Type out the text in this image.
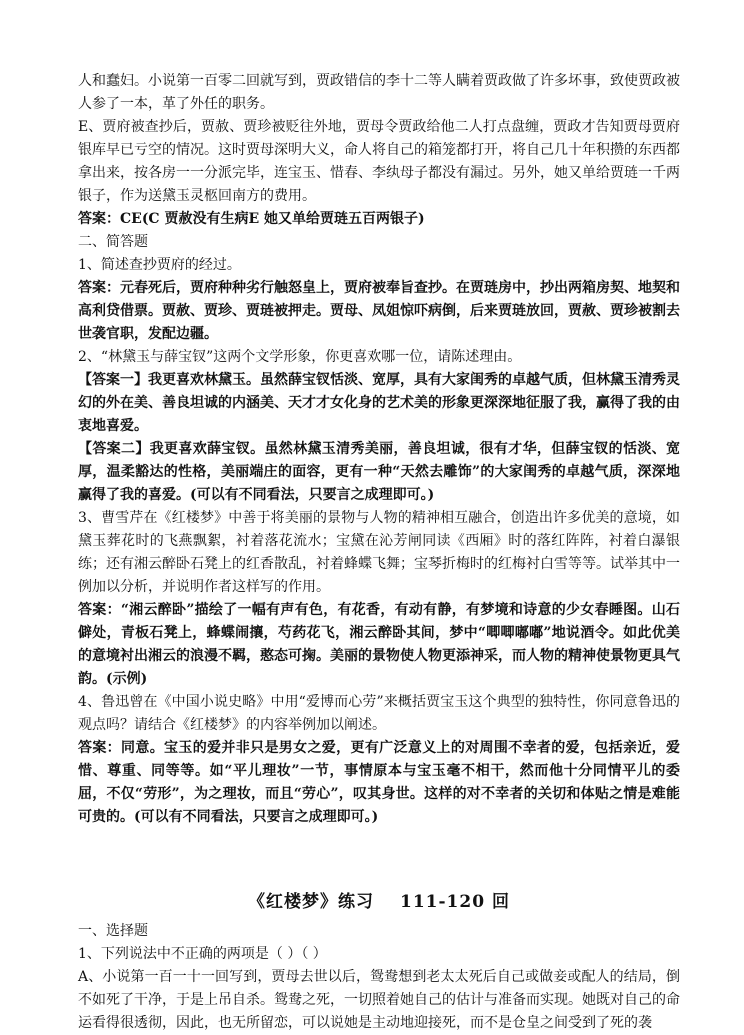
人和蠢妇。小说第一百零二回就写到，贾政错信的李十二等人瞒着贾政做了许多坏事，致使贾政被人参了一本，革了外任的职务。

E、贾府被查抄后，贾赦、贾珍被贬往外地，贾母令贾政给他二人打点盘缠，贾政才告知贾母贾府银库早已亏空的情况。这时贾母深明大义，命人将自己的箱笼都打开，将自己几十年积攒的东西都拿出来，按各房一一分派完毕，连宝玉、惜春、李纨母子都没有漏过。另外，她又单给贾琏一千两银子，作为送黛玉灵柩回南方的费用。

答案：CE(C 贾赦没有生病E 她又单给贾琏五百两银子)

二、简答题

1、简述查抄贾府的经过。

答案：元春死后，贾府种种劣行触怒皇上，贾府被奉旨查抄。在贾琏房中，抄出两箱房契、地契和高利贷借票。贾赦、贾珍、贾琏被押走。贾母、凤姐惊吓病倒，后来贾琏放回，贾赦、贾珍被割去世袭官职，发配边疆。

2、“林黛玉与薛宝钗”这两个文学形象，你更喜欢哪一位，请陈述理由。

【答案一】我更喜欢林黛玉。虽然薛宝钗恬淡、宽厚，具有大家闺秀的卓越气质，但林黛玉清秀灵幻的外在美、善良坦诚的内涵美、天才才女化身的艺术美的形象更深深地征服了我，赢得了我的由衷地喜爱。

【答案二】我更喜欢薛宝钗。虽然林黛玉清秀美丽，善良坦诚，很有才华，但薛宝钗的恬淡、宽厚，温柔豁达的性格，美丽端庄的面容，更有一种“天然去雕饰”的大家闺秀的卓越气质，深深地赢得了我的喜爱。(可以有不同看法，只要言之成理即可。)

3、曹雪芹在《红楼梦》中善于将美丽的景物与人物的精神相互融合，创造出许多优美的意境，如黛玉葬花时的飞燕飘絮，衬着落花流水；宝黛在沁芳闸同读《西厢》时的落红阵阵，衬着白瀑银练；还有湘云醉卧石凳上的红香散乱，衬着蜂蝶飞舞；宝琴折梅时的红梅衬白雪等等。试举其中一例加以分析，并说明作者这样写的作用。

答案：“湘云醉卧”描绘了一幅有声有色，有花香，有动有静，有梦境和诗意的少女春睡图。山石僻处，青板石凳上，蜂蝶闹攘，芍药花飞，湘云醉卧其间，梦中“唧唧嘟嘟”地说酒令。如此优美的意境衬出湘云的浪漫不羁，憨态可掬。美丽的景物使人物更添神采，而人物的精神使景物更具气韵。(示例)

4、鲁迅曾在《中国小说史略》中用“爱博而心劳”来概括贾宝玉这个典型的独特性，你同意鲁迅的观点吗？请结合《红楼梦》的内容举例加以阐述。

答案：同意。宝玉的爱并非只是男女之爱，更有广泛意义上的对周围不幸者的爱，包括亲近，爱惜、尊重、同等等。如“平儿理妆”一节，事情原本与宝玉毫不相干，然而他十分同情平儿的委屈，不仅“劳形”，为之理妆，而且“劳心”，叹其身世。这样的对不幸者的关切和体贴之情是难能可贵的。(可以有不同看法，只要言之成理即可。)

《红楼梦》练习 111-120 回

一、选择题

1、下列说法中不正确的两项是（ ）（ ）

A、小说第一百一十一回写到，贾母去世以后，鸳鸯想到老太太死后自己或做妾或配人的结局，倒不如死了干净，于是上吊自杀。鸳鸯之死，一切照着她自己的估计与准备而实现。她既对自己的命运看得很透彻，因此，也无所留恋，可以说她是主动地迎接死，而不是仓皇之间受到了死的袭
